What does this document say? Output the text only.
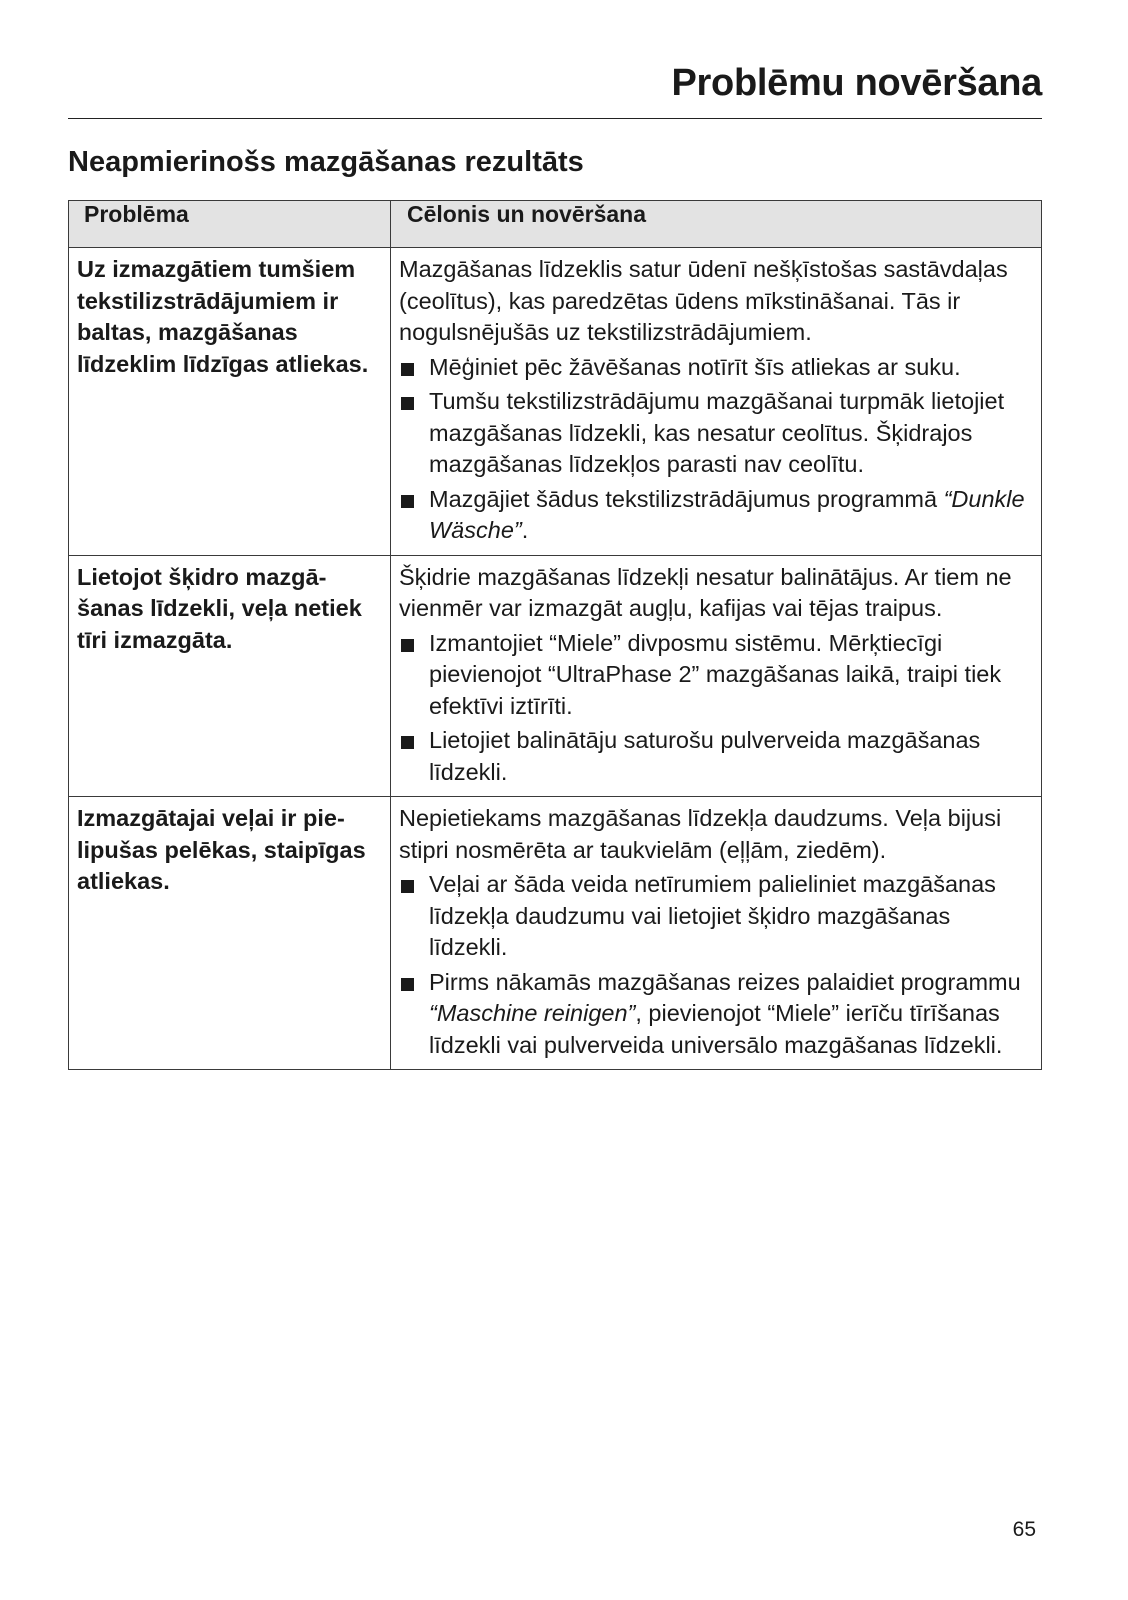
Problēmu novēršana
Neapmierinošs mazgāšanas rezultāts
Problēma	Cēlonis un novēršana
Uz izmazgātiem tumšiem tekstilizstrādājumiem ir baltas, mazgāšanas līdzeklim līdzīgas atliekas.	Mazgāšanas līdzeklis satur ūdenī nešķīstošas sastāvdaļas (ceolītus), kas paredzētas ūdens mīkstināšanai. Tās ir nogulsnējušās uz tekstilizstrādājumiem.
Mēģiniet pēc žāvēšanas notīrīt šīs atliekas ar suku.
Tumšu tekstilizstrādājumu mazgāšanai turpmāk lietojiet mazgāšanas līdzekli, kas nesatur ceolītus. Šķidrajos mazgāšanas līdzekļos parasti nav ceolītu.
Mazgājiet šādus tekstilizstrādājumus programmā “Dunkle Wäsche”.

Lietojot šķidro mazgāšanas līdzekli, veļa netiek tīri izmazgāta.	Šķidrie mazgāšanas līdzekļi nesatur balinātājus. Ar tiem ne vienmēr var izmazgāt augļu, kafijas vai tējas traipus.
Izmantojiet “Miele” divposmu sistēmu. Mērķtiecīgi pievienojot “UltraPhase 2” mazgāšanas laikā, traipi tiek efektīvi iztīrīti.
Lietojiet balinātāju saturošu pulverveida mazgāšanas līdzekli.

Izmazgātajai veļai ir pielipušas pelēkas, staipīgas atliekas.	Nepietiekams mazgāšanas līdzekļa daudzums. Veļa bijusi stipri nosmērēta ar taukvielām (eļļām, ziedēm).
Veļai ar šāda veida netīrumiem palieliniet mazgāšanas līdzekļa daudzumu vai lietojiet šķidro mazgāšanas līdzekli.
Pirms nākamās mazgāšanas reizes palaidiet programmu “Maschine reinigen”, pievienojot “Miele” ierīču tīrīšanas līdzekli vai pulverveida universālo mazgāšanas līdzekli.
65
